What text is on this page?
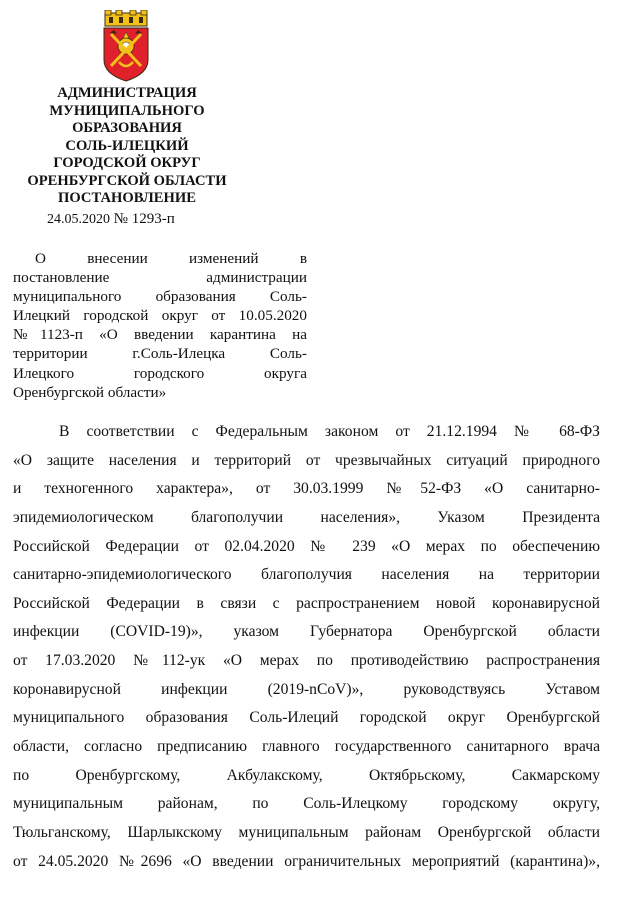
АДМИНИСТРАЦИЯ
МУНИЦИПАЛЬНОГО
ОБРАЗОВАНИЯ
СОЛЬ-ИЛЕЦКИЙ
ГОРОДСКОЙ ОКРУГ
ОРЕНБУРГСКОЙ ОБЛАСТИ
ПОСТАНОВЛЕНИЕ
24.05.2020 № 1293-п
О внесении изменений в
постановление администрации
муниципального образования Соль-
Илецкий городской округ от 10.05.2020
№1123-п «О введении карантина на
территории г.Соль-Илецка Соль-
Илецкого городского округа
Оренбургской области»
В соответствии с Федеральным законом от 21.12.1994 № 68-ФЗ
«О защите населения и территорий от чрезвычайных ситуаций природного
и техногенного характера», от 30.03.1999 №52-ФЗ «О санитарно-
эпидемиологическом благополучии населения», Указом Президента
Российской Федерации от 02.04.2020 № 239 «О мерах по обеспечению
санитарно-эпидемиологического благополучия населения на территории
Российской Федерации в связи с распространением новой коронавирусной
инфекции (COVID-19)», указом Губернатора Оренбургской области
от 17.03.2020 №112-ук «О мерах по противодействию распространения
коронавирусной инфекции (2019-nCoV)», руководствуясь Уставом
муниципального образования Соль-Илеций городской округ Оренбургской
области, согласно предписанию главного государственного санитарного врача
по Оренбургскому, Акбулакскому, Октябрьскому, Сакмарскому
муниципальным районам, по Соль-Илецкому городскому округу,
Тюльганскому, Шарлыкскому муниципальным районам Оренбургской области
от 24.05.2020 №2696 «О введении ограничительных мероприятий (карантина)»,
